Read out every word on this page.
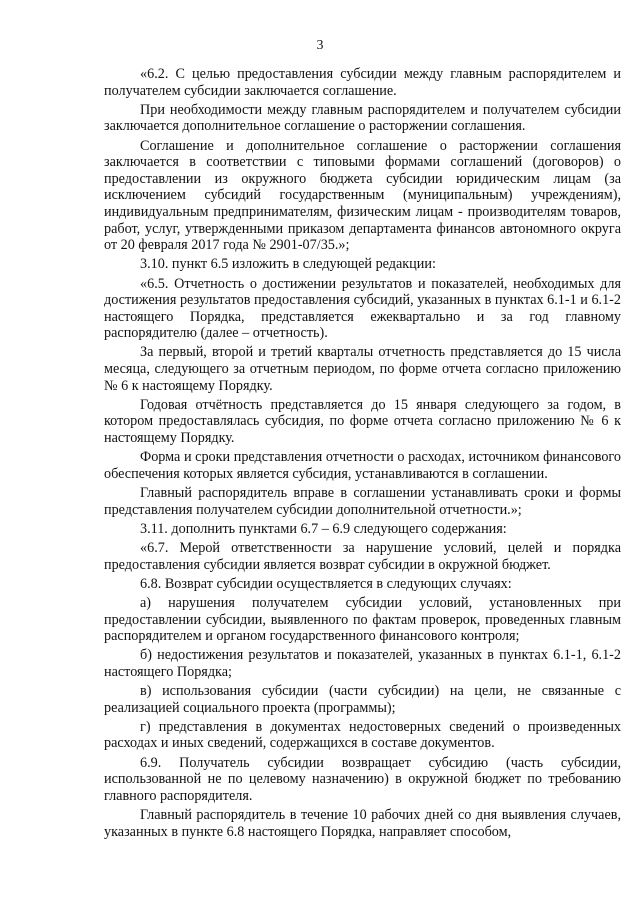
3

«6.2. С целью предоставления субсидии между главным распорядителем и получателем субсидии заключается соглашение.

При необходимости между главным распорядителем и получателем субсидии заключается дополнительное соглашение о расторжении соглашения.

Соглашение и дополнительное соглашение о расторжении соглашения заключается в соответствии с типовыми формами соглашений (договоров) о предоставлении из окружного бюджета субсидии юридическим лицам (за исключением субсидий государственным (муниципальным) учреждениям), индивидуальным предпринимателям, физическим лицам - производителям товаров, работ, услуг, утвержденными приказом департамента финансов автономного округа от 20 февраля 2017 года № 2901-07/35.»;

3.10. пункт 6.5 изложить в следующей редакции:

«6.5. Отчетность о достижении результатов и показателей, необходимых для достижения результатов предоставления субсидий, указанных в пунктах 6.1-1 и 6.1-2 настоящего Порядка, представляется ежеквартально и за год главному распорядителю (далее – отчетность).

За первый, второй и третий кварталы отчетность представляется до 15 числа месяца, следующего за отчетным периодом, по форме отчета согласно приложению № 6 к настоящему Порядку.

Годовая отчётность представляется до 15 января следующего за годом, в котором предоставлялась субсидия, по форме отчета согласно приложению № 6 к настоящему Порядку.

Форма и сроки представления отчетности о расходах, источником финансового обеспечения которых является субсидия, устанавливаются в соглашении.

Главный распорядитель вправе в соглашении устанавливать сроки и формы представления получателем субсидии дополнительной отчетности.»;

3.11. дополнить пунктами 6.7 – 6.9 следующего содержания:

«6.7. Мерой ответственности за нарушение условий, целей и порядка предоставления субсидии является возврат субсидии в окружной бюджет.

6.8. Возврат субсидии осуществляется в следующих случаях:

а) нарушения получателем субсидии условий, установленных при предоставлении субсидии, выявленного по фактам проверок, проведенных главным распорядителем и органом государственного финансового контроля;

б) недостижения результатов и показателей, указанных в пунктах 6.1-1, 6.1-2 настоящего Порядка;

в) использования субсидии (части субсидии) на цели, не связанные с реализацией социального проекта (программы);

г) представления в документах недостоверных сведений о произведенных расходах и иных сведений, содержащихся в составе документов.

6.9. Получатель субсидии возвращает субсидию (часть субсидии, использованной не по целевому назначению) в окружной бюджет по требованию главного распорядителя.

Главный распорядитель в течение 10 рабочих дней со дня выявления случаев, указанных в пункте 6.8 настоящего Порядка, направляет способом,
